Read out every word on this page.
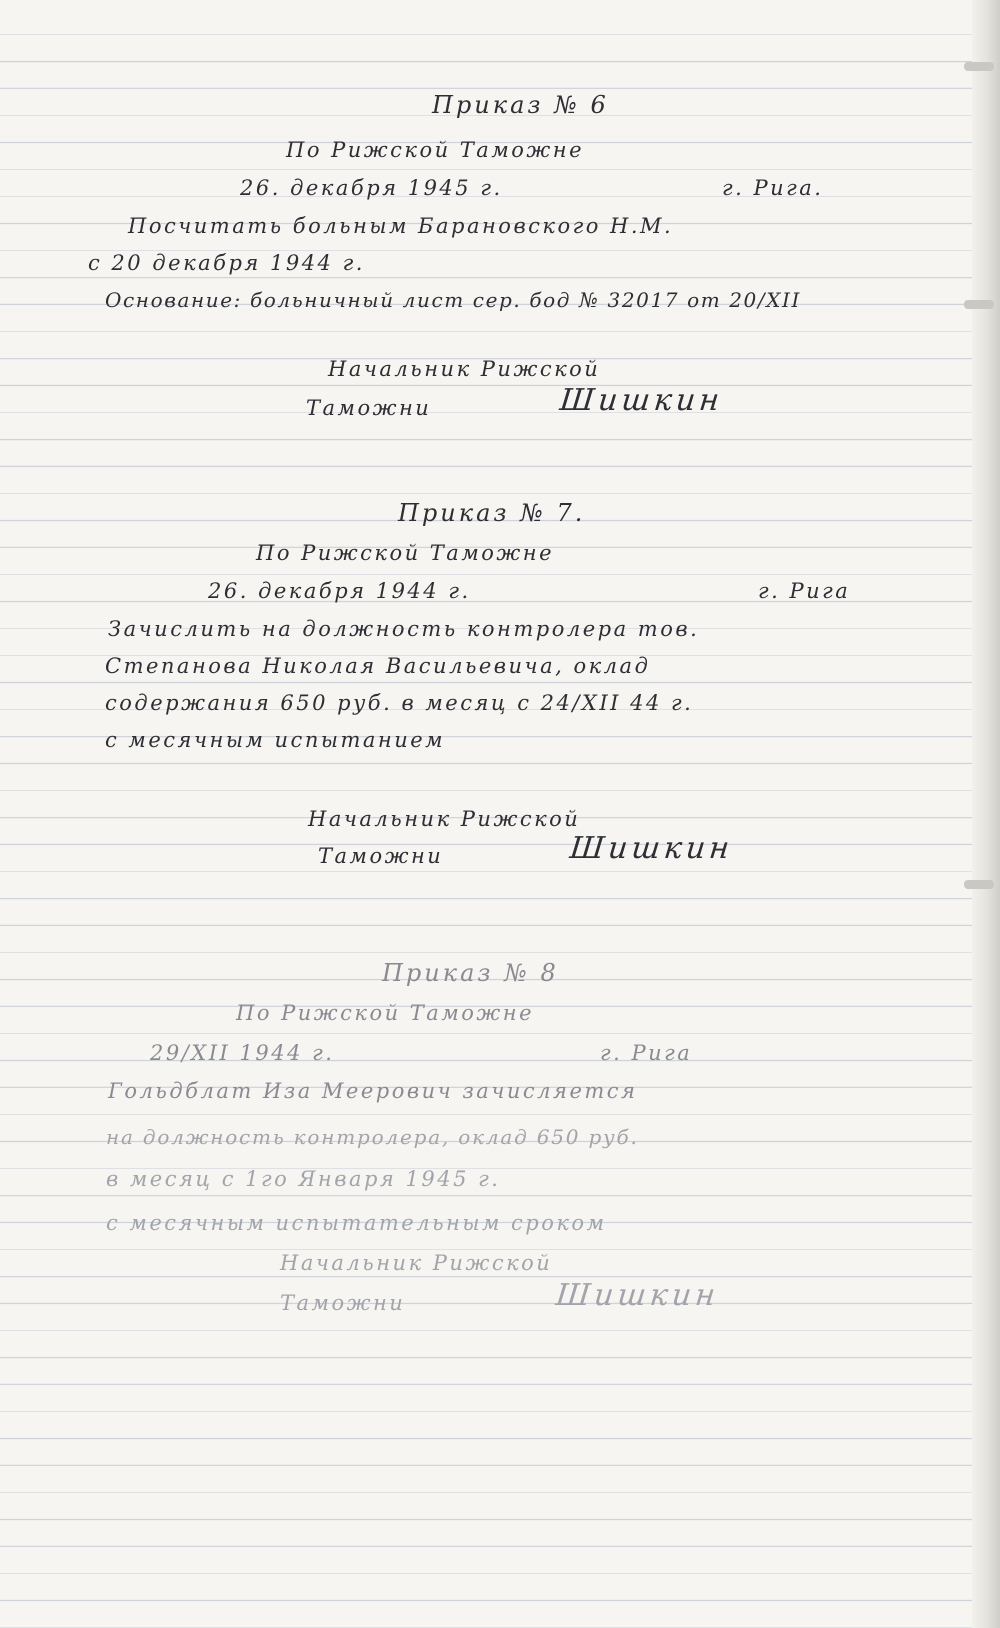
Приказ № 6
По Рижской Таможне
26. декабря 1945 г.	г. Рига.
Посчитать больным Барановского Н.М.
с 20 декабря 1944 г.
Основание: больничный лист сер. бод № 32017 от 20/XII
Начальник Рижской
Таможни	Шишкин
Приказ № 7.
По Рижской Таможне
26. декабря 1944 г.	г. Рига
Зачислить на должность контролера тов.
Степанова Николая Васильевича, оклад
содержания 650 руб. в месяц с 24/XII 44 г.
с месячным испытанием
Начальник Рижской
Таможни	Шишкин
Приказ № 8
По Рижской Таможне
29/XII 1944 г.	г. Рига
Гольдблат Иза Меерович зачисляется
на должность контролера, оклад 650 руб.
в месяц с 1го Января 1945 г.
с месячным испытательным сроком
Начальник Рижской
Таможни	Шишкин
